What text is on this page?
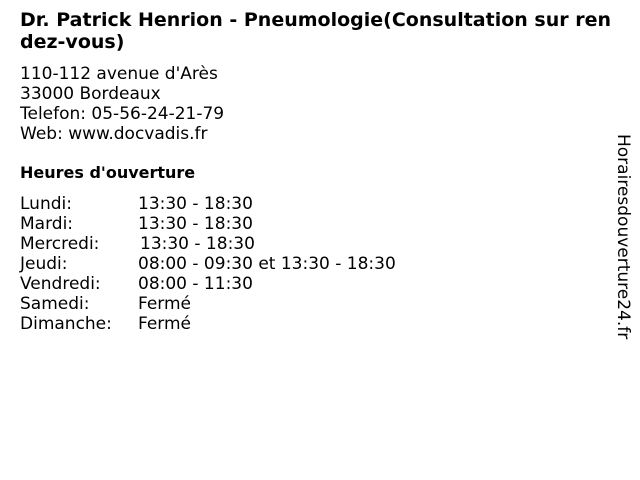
Dr. Patrick Henrion - Pneumologie(Consultation sur rendez-vous)
110-112 avenue d'Arès
33000 Bordeaux
Telefon: 05-56-24-21-79
Web: www.docvadis.fr
Heures d'ouverture
Lundi:	13:30 - 18:30
Mardi:	13:30 - 18:30
Mercredi:	13:30 - 18:30
Jeudi:	08:00 - 09:30 et 13:30 - 18:30
Vendredi:	08:00 - 11:30
Samedi:	Fermé
Dimanche:	Fermé	Horairesdouverture24.fr
